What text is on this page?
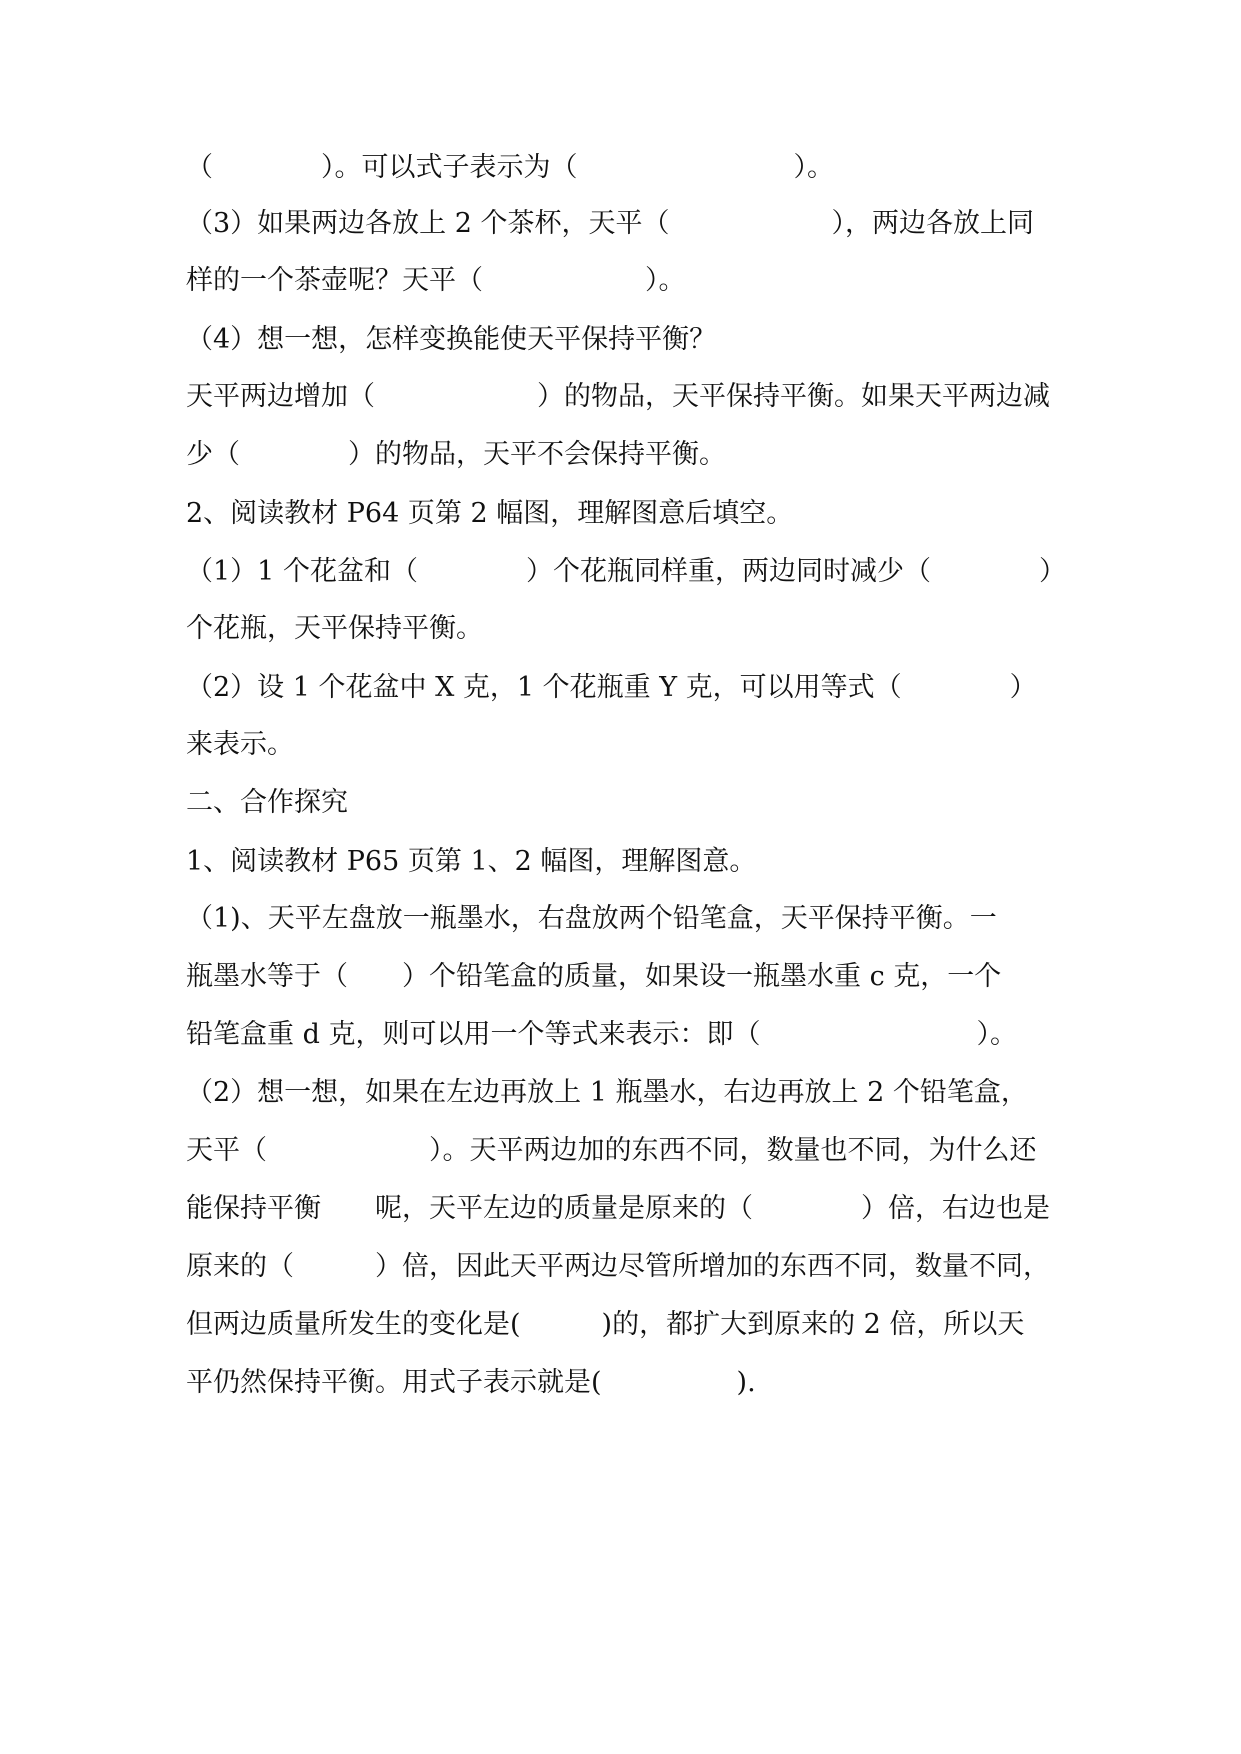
（　　　　）。可以式子表示为（　　　　　　　　）。
（3）如果两边各放上 2 个茶杯，天平（　　　　　　），两边各放上同
样的一个茶壶呢？天平（　　　　　　）。
（4）想一想，怎样变换能使天平保持平衡？
天平两边增加（　　　　　　）的物品，天平保持平衡。如果天平两边减
少（　　　　）的物品，天平不会保持平衡。
2、阅读教材 P64 页第 2 幅图，理解图意后填空。
（1）1 个花盆和（　　　　）个花瓶同样重，两边同时减少（　　　　）
个花瓶，天平保持平衡。
（2）设 1 个花盆中 X 克，1 个花瓶重 Y 克，可以用等式（　　　　）
来表示。
二、合作探究
1、阅读教材 P65 页第 1、2 幅图，理解图意。
（1)、天平左盘放一瓶墨水，右盘放两个铅笔盒，天平保持平衡。一
瓶墨水等于（　　）个铅笔盒的质量，如果设一瓶墨水重 c 克，一个
铅笔盒重 d 克，则可以用一个等式来表示：即（　　　　　　　　）。
（2）想一想，如果在左边再放上 1 瓶墨水，右边再放上 2 个铅笔盒，
天平（　　　　　　）。天平两边加的东西不同，数量也不同，为什么还
能保持平衡　　呢，天平左边的质量是原来的（　　　　）倍，右边也是
原来的（　　　）倍，因此天平两边尽管所增加的东西不同，数量不同，
但两边质量所发生的变化是(　　　)的，都扩大到原来的 2 倍，所以天
平仍然保持平衡。用式子表示就是(　　　　　).
